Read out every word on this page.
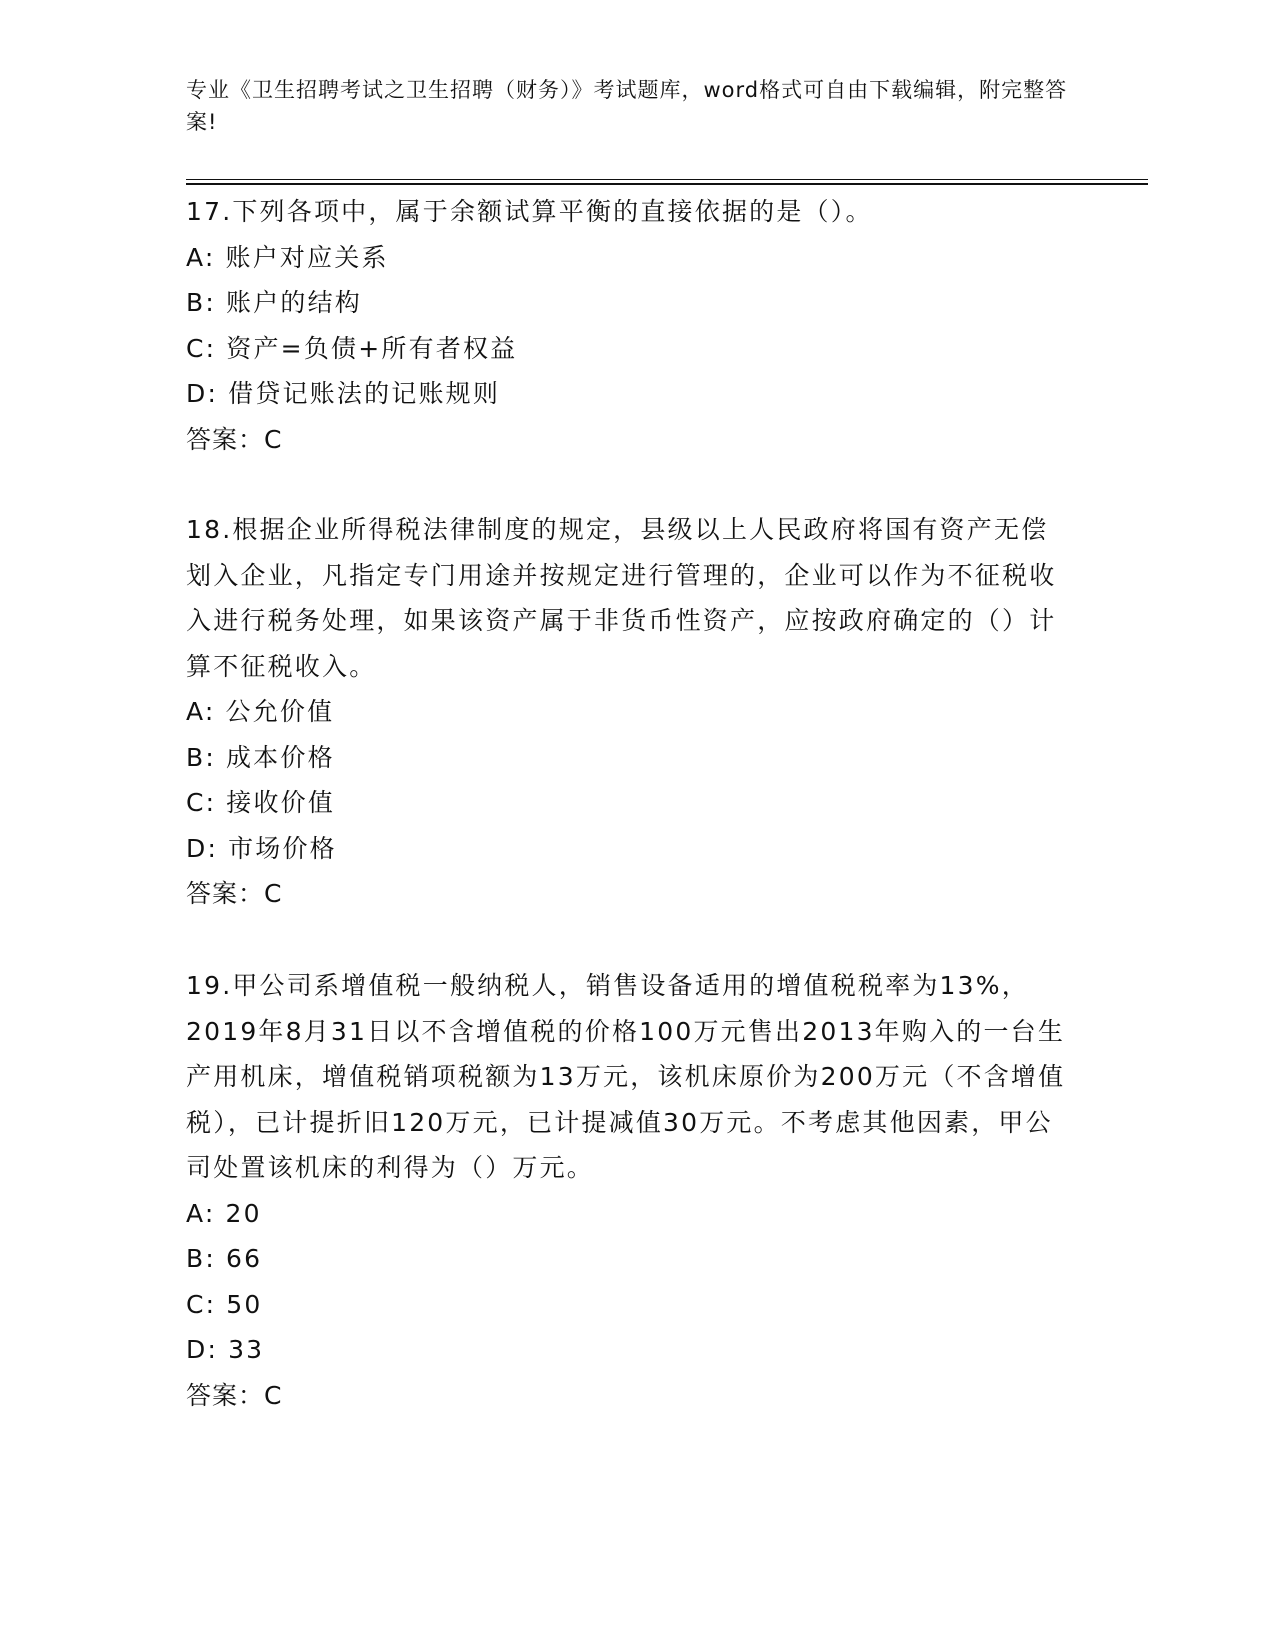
专业《卫生招聘考试之卫生招聘（财务）》考试题库，word格式可自由下载编辑，附完整答案!

17.下列各项中，属于余额试算平衡的直接依据的是（）。

A: 账户对应关系
B: 账户的结构
C: 资产=负债+所有者权益
D: 借贷记账法的记账规则

答案：C

18.根据企业所得税法律制度的规定，县级以上人民政府将国有资产无偿划入企业，凡指定专门用途并按规定进行管理的，企业可以作为不征税收入进行税务处理，如果该资产属于非货币性资产，应按政府确定的（）计算不征税收入。

A: 公允价值
B: 成本价格
C: 接收价值
D: 市场价格

答案：C

19.甲公司系增值税一般纳税人，销售设备适用的增值税税率为13%，2019年8月31日以不含增值税的价格100万元售出2013年购入的一台生产用机床，增值税销项税额为13万元，该机床原价为200万元（不含增值税），已计提折旧120万元，已计提减值30万元。不考虑其他因素，甲公司处置该机床的利得为（）万元。

A: 20
B: 66
C: 50
D: 33

答案：C
